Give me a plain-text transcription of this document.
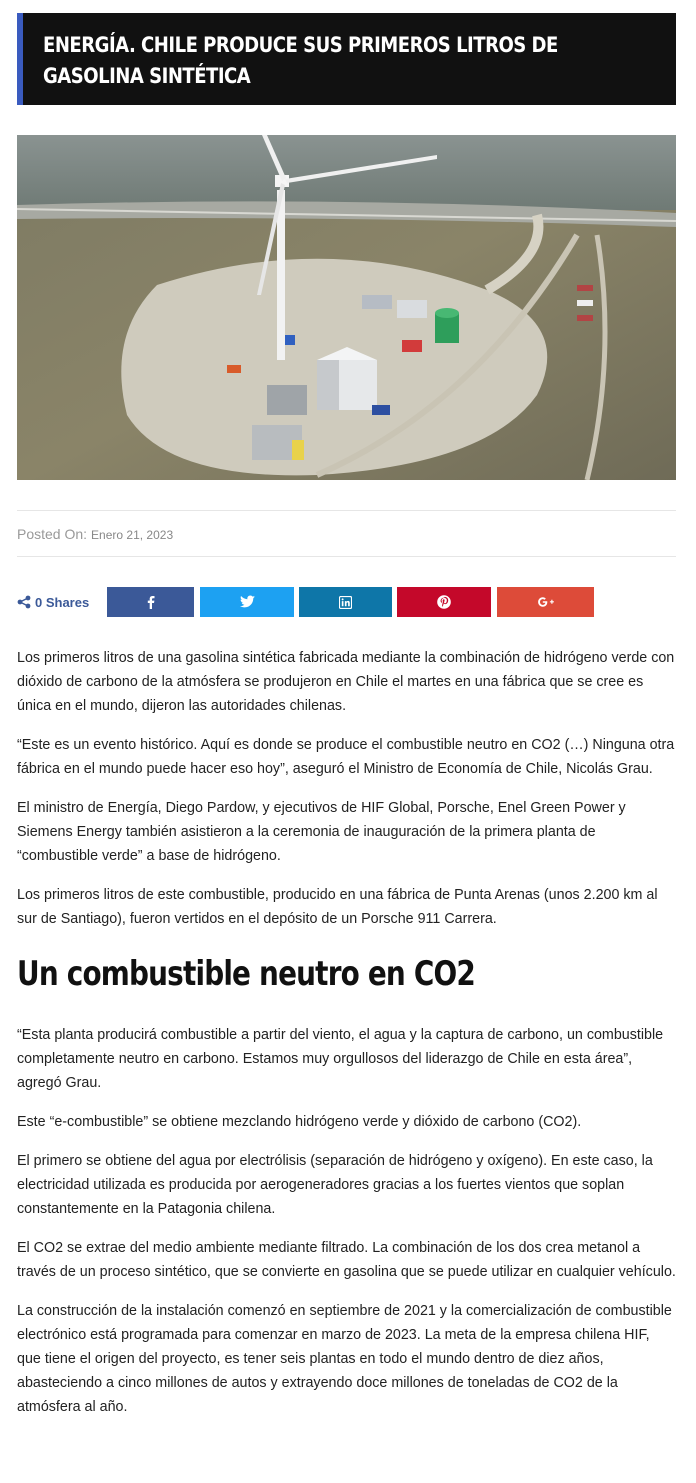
ENERGÍA. CHILE PRODUCE SUS PRIMEROS LITROS DE GASOLINA SINTÉTICA
Posted On: Enero 21, 2023
0 Shares

Los primeros litros de una gasolina sintética fabricada mediante la combinación de hidrógeno verde con dióxido de carbono de la atmósfera se produjeron en Chile el martes en una fábrica que se cree es única en el mundo, dijeron las autoridades chilenas.

“Este es un evento histórico. Aquí es donde se produce el combustible neutro en CO2 (…) Ninguna otra fábrica en el mundo puede hacer eso hoy”, aseguró el Ministro de Economía de Chile, Nicolás Grau.

El ministro de Energía, Diego Pardow, y ejecutivos de HIF Global, Porsche, Enel Green Power y Siemens Energy también asistieron a la ceremonia de inauguración de la primera planta de “combustible verde” a base de hidrógeno.

Los primeros litros de este combustible, producido en una fábrica de Punta Arenas (unos 2.200 km al sur de Santiago), fueron vertidos en el depósito de un Porsche 911 Carrera.

Un combustible neutro en CO2

“Esta planta producirá combustible a partir del viento, el agua y la captura de carbono, un combustible completamente neutro en carbono. Estamos muy orgullosos del liderazgo de Chile en esta área”, agregó Grau.

Este “e-combustible” se obtiene mezclando hidrógeno verde y dióxido de carbono (CO2).

El primero se obtiene del agua por electrólisis (separación de hidrógeno y oxígeno). En este caso, la electricidad utilizada es producida por aerogeneradores gracias a los fuertes vientos que soplan constantemente en la Patagonia chilena.

El CO2 se extrae del medio ambiente mediante filtrado. La combinación de los dos crea metanol a través de un proceso sintético, que se convierte en gasolina que se puede utilizar en cualquier vehículo.

La construcción de la instalación comenzó en septiembre de 2021 y la comercialización de combustible electrónico está programada para comenzar en marzo de 2023. La meta de la empresa chilena HIF, que tiene el origen del proyecto, es tener seis plantas en todo el mundo dentro de diez años, abasteciendo a cinco millones de autos y extrayendo doce millones de toneladas de CO2 de la atmósfera al año.
